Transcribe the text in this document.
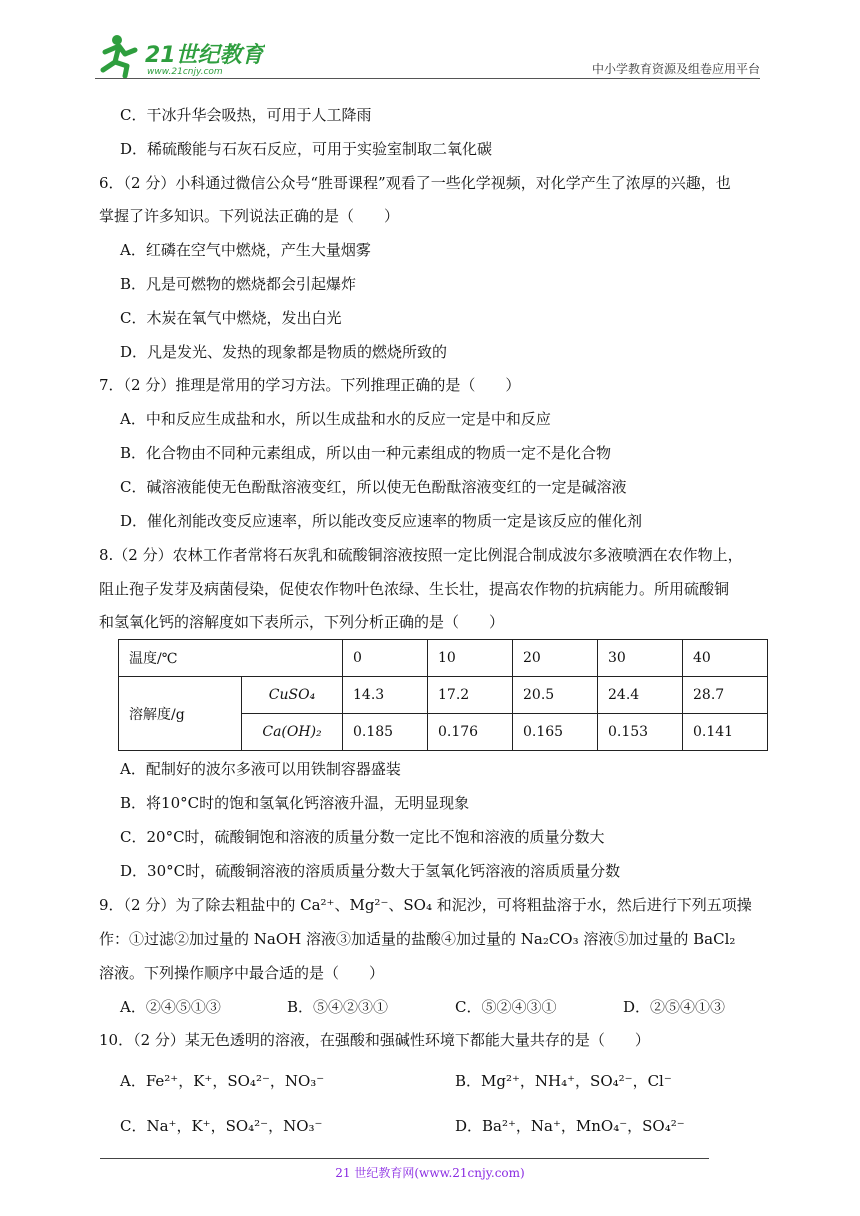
21世纪教育
www.21cnjy.com	中小学教育资源及组卷应用平台
C．干冰升华会吸热，可用于人工降雨
D．稀硫酸能与石灰石反应，可用于实验室制取二氧化碳
6．（2 分）小科通过微信公众号“胜哥课程”观看了一些化学视频，对化学产生了浓厚的兴趣，也
掌握了许多知识。下列说法正确的是（　　）
A．红磷在空气中燃烧，产生大量烟雾
B．凡是可燃物的燃烧都会引起爆炸
C．木炭在氧气中燃烧，发出白光
D．凡是发光、发热的现象都是物质的燃烧所致的
7．（2 分）推理是常用的学习方法。下列推理正确的是（　　）
A．中和反应生成盐和水，所以生成盐和水的反应一定是中和反应
B．化合物由不同种元素组成，所以由一种元素组成的物质一定不是化合物
C．碱溶液能使无色酚酞溶液变红，所以使无色酚酞溶液变红的一定是碱溶液
D．催化剂能改变反应速率，所以能改变反应速率的物质一定是该反应的催化剂
8.（2 分）农林工作者常将石灰乳和硫酸铜溶液按照一定比例混合制成波尔多液喷洒在农作物上，
阻止孢子发芽及病菌侵染，促使农作物叶色浓绿、生长壮，提高农作物的抗病能力。所用硫酸铜
和氢氧化钙的溶解度如下表所示，下列分析正确的是（　　）
温度/℃		0	10	20	30	40
溶解度/g	CuSO₄	14.3	17.2	20.5	24.4	28.7
	Ca(OH)₂	0.185	0.176	0.165	0.153	0.141
A．配制好的波尔多液可以用铁制容器盛装
B．将10°C时的饱和氢氧化钙溶液升温，无明显现象
C．20°C时，硫酸铜饱和溶液的质量分数一定比不饱和溶液的质量分数大
D．30°C时，硫酸铜溶液的溶质质量分数大于氢氧化钙溶液的溶质质量分数
9．（2 分）为了除去粗盐中的 Ca²⁺、Mg²⁻、SO₄ 和泥沙，可将粗盐溶于水，然后进行下列五项操
作：①过滤②加过量的 NaOH 溶液③加适量的盐酸④加过量的 Na₂CO₃ 溶液⑤加过量的 BaCl₂
溶液。下列操作顺序中最合适的是（　　）
A．②④⑤①③	B．⑤④②③①	C．⑤②④③①	D．②⑤④①③
10．（2 分）某无色透明的溶液，在强酸和强碱性环境下都能大量共存的是（　　）
A．Fe²⁺，K⁺，SO₄²⁻，NO₃⁻	B．Mg²⁺，NH₄⁺，SO₄²⁻，Cl⁻
C．Na⁺，K⁺，SO₄²⁻，NO₃⁻	D．Ba²⁺，Na⁺，MnO₄⁻，SO₄²⁻
21 世纪教育网(www.21cnjy.com)
